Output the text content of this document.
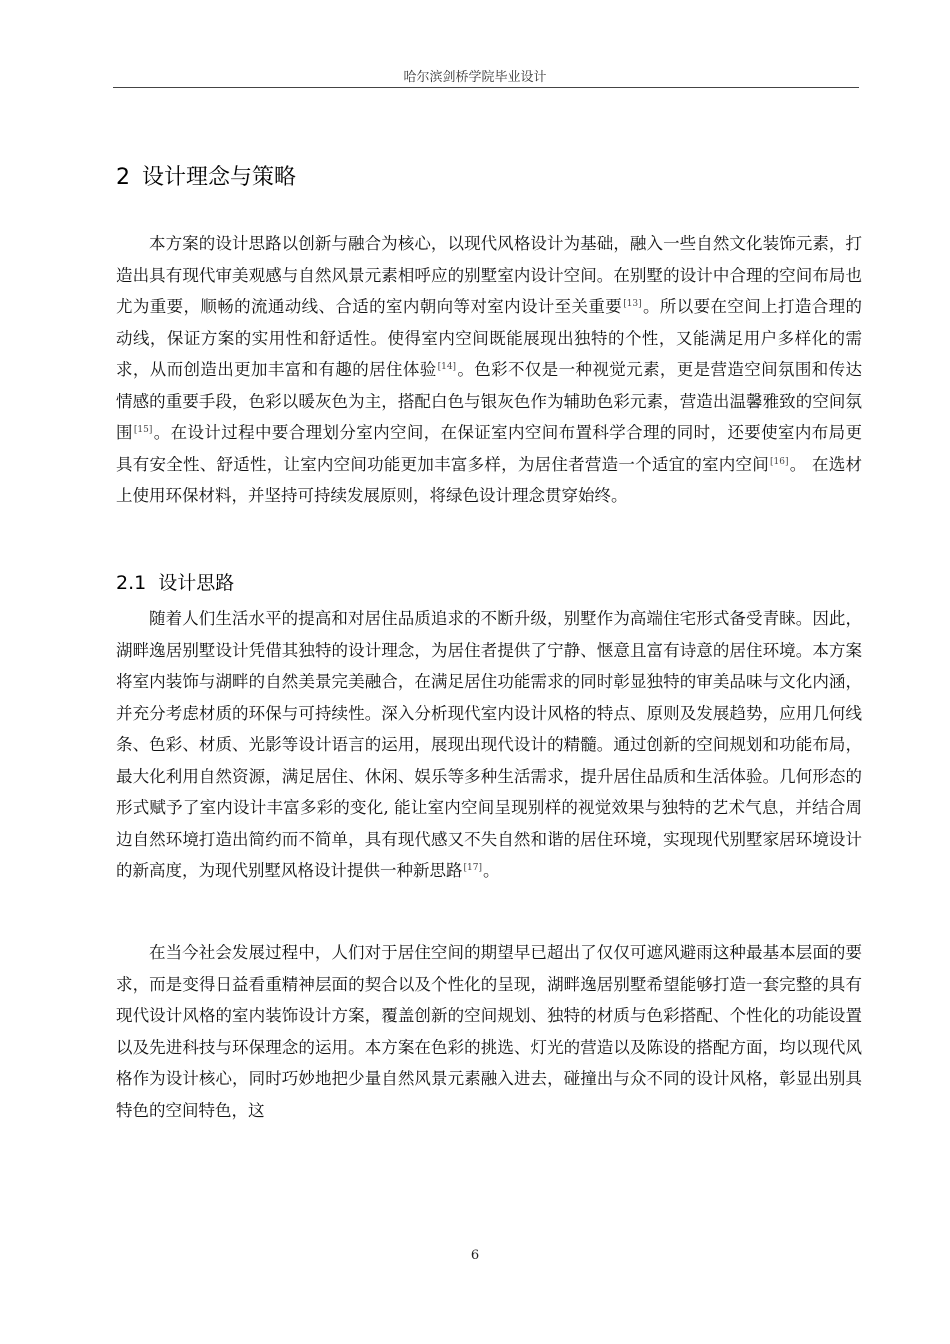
哈尔滨剑桥学院毕业设计
2 设计理念与策略

本方案的设计思路以创新与融合为核心，以现代风格设计为基础，融入一些自然文化装饰元素，打造出具有现代审美观感与自然风景元素相呼应的别墅室内设计空间。在别墅的设计中合理的空间布局也尤为重要，顺畅的流通动线、合适的室内朝向等对室内设计至关重要[13]。所以要在空间上打造合理的动线，保证方案的实用性和舒适性。使得室内空间既能展现出独特的个性，又能满足用户多样化的需求，从而创造出更加丰富和有趣的居住体验[14]。色彩不仅是一种视觉元素，更是营造空间氛围和传达情感的重要手段，色彩以暖灰色为主，搭配白色与银灰色作为辅助色彩元素，营造出温馨雅致的空间氛围[15]。在设计过程中要合理划分室内空间，在保证室内空间布置科学合理的同时，还要使室内布局更具有安全性、舒适性，让室内空间功能更加丰富多样，为居住者营造一个适宜的室内空间[16]。 在选材上使用环保材料，并坚持可持续发展原则，将绿色设计理念贯穿始终。

2.1 设计思路

随着人们生活水平的提高和对居住品质追求的不断升级，别墅作为高端住宅形式备受青睐。因此，湖畔逸居别墅设计凭借其独特的设计理念，为居住者提供了宁静、惬意且富有诗意的居住环境。本方案将室内装饰与湖畔的自然美景完美融合，在满足居住功能需求的同时彰显独特的审美品味与文化内涵，并充分考虑材质的环保与可持续性。深入分析现代室内设计风格的特点、原则及发展趋势，应用几何线条、色彩、材质、光影等设计语言的运用，展现出现代设计的精髓。通过创新的空间规划和功能布局，最大化利用自然资源，满足居住、休闲、娱乐等多种生活需求，提升居住品质和生活体验。几何形态的形式赋予了室内设计丰富多彩的变化, 能让室内空间呈现别样的视觉效果与独特的艺术气息，并结合周边自然环境打造出简约而不简单，具有现代感又不失自然和谐的居住环境，实现现代别墅家居环境设计的新高度，为现代别墅风格设计提供一种新思路[17]。

在当今社会发展过程中，人们对于居住空间的期望早已超出了仅仅可遮风避雨这种最基本层面的要求，而是变得日益看重精神层面的契合以及个性化的呈现，湖畔逸居别墅希望能够打造一套完整的具有现代设计风格的室内装饰设计方案，覆盖创新的空间规划、独特的材质与色彩搭配、个性化的功能设置以及先进科技与环保理念的运用。本方案在色彩的挑选、灯光的营造以及陈设的搭配方面，均以现代风格作为设计核心，同时巧妙地把少量自然风景元素融入进去，碰撞出与众不同的设计风格，彰显出别具特色的空间特色，这

6
